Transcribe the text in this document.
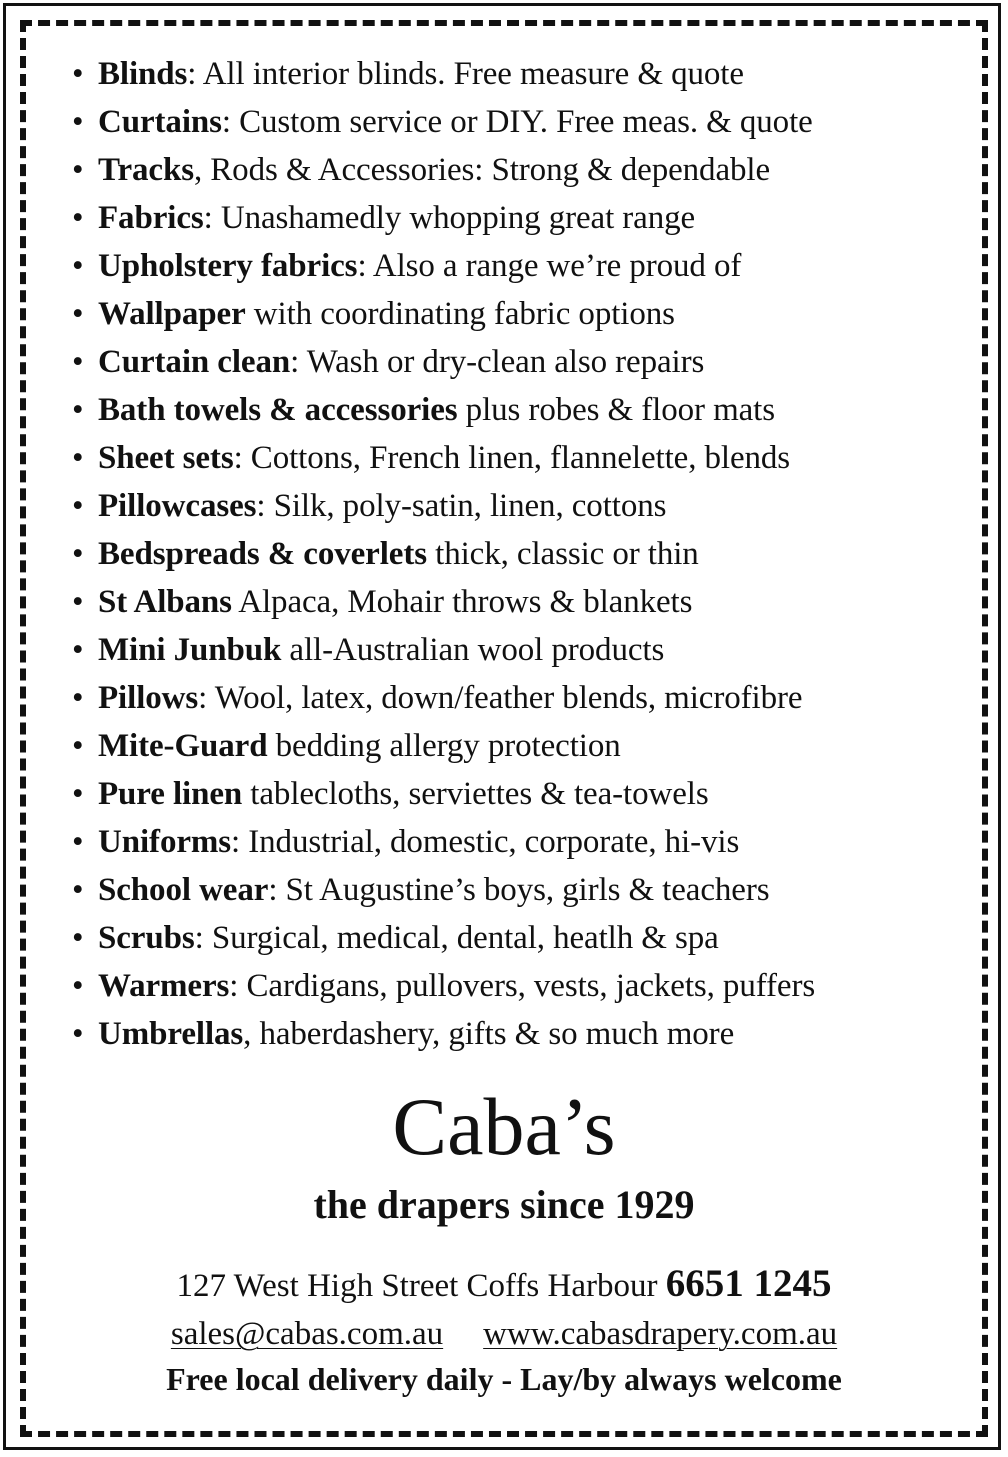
• Blinds: All interior blinds. Free measure & quote
• Curtains: Custom service or DIY. Free meas. & quote
• Tracks, Rods & Accessories: Strong & dependable
• Fabrics: Unashamedly whopping great range
• Upholstery fabrics: Also a range we’re proud of
• Wallpaper with coordinating fabric options
• Curtain clean: Wash or dry-clean also repairs
• Bath towels & accessories plus robes & floor mats
• Sheet sets: Cottons, French linen, flannelette, blends
• Pillowcases: Silk, poly-satin, linen, cottons
• Bedspreads & coverlets thick, classic or thin
• St Albans Alpaca, Mohair throws & blankets
• Mini Junbuk all-Australian wool products
• Pillows: Wool, latex, down/feather blends, microfibre
• Mite-Guard bedding allergy protection
• Pure linen tablecloths, serviettes & tea-towels
• Uniforms: Industrial, domestic, corporate, hi-vis
• School wear: St Augustine’s boys, girls & teachers
• Scrubs: Surgical, medical, dental, heatlh & spa
• Warmers: Cardigans, pullovers, vests, jackets, puffers
• Umbrellas, haberdashery, gifts & so much more
Caba’s
the drapers since 1929
127 West High Street Coffs Harbour 6651 1245
sales@cabas.com.au www.cabasdrapery.com.au
Free local delivery daily - Lay/by always welcome
